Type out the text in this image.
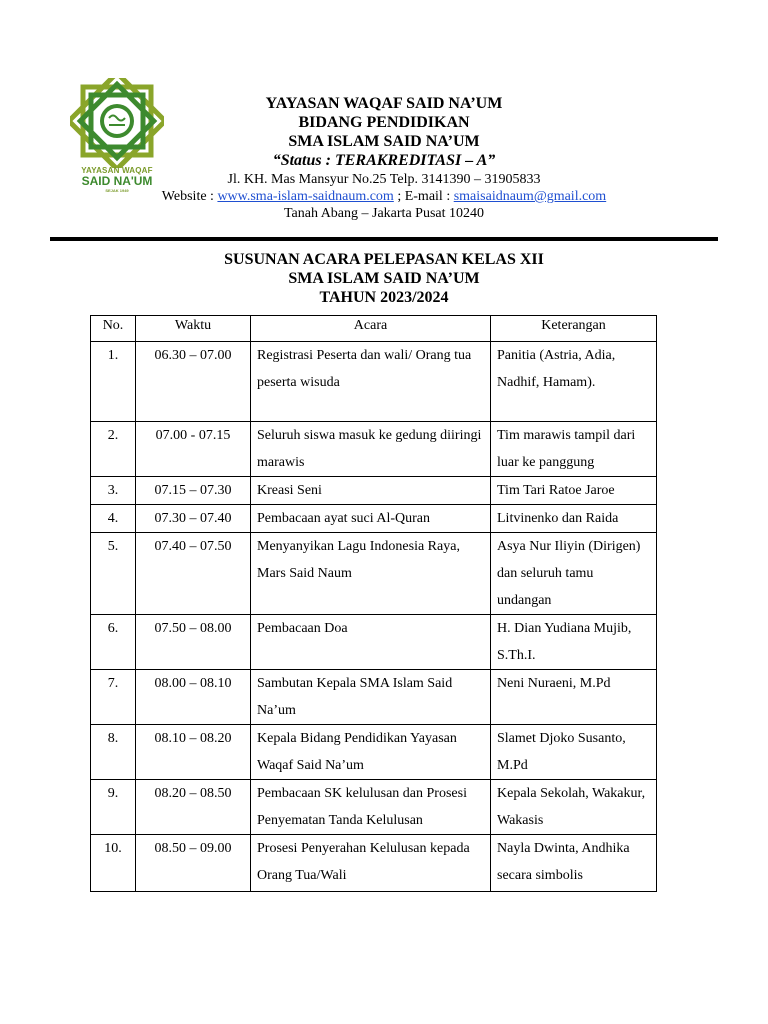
YAYASAN WAQAF
SAID NA'UM
SEJAK 1949
YAYASAN WAQAF SAID NA’UM
BIDANG PENDIDIKAN
SMA ISLAM SAID NA’UM
“Status : TERAKREDITASI – A”
Jl. KH. Mas Mansyur No.25 Telp. 3141390 – 31905833
Website : www.sma-islam-saidnaum.com ; E-mail : smaisaidnaum@gmail.com
Tanah Abang – Jakarta Pusat 10240
SUSUNAN ACARA PELEPASAN KELAS XII
SMA ISLAM SAID NA’UM
TAHUN 2023/2024
No.	Waktu	Acara	Keterangan
1.	06.30 – 07.00	Registrasi Peserta dan wali/ Orang tua peserta wisuda	Panitia (Astria, Adia, Nadhif, Hamam).
2.	07.00 - 07.15	Seluruh siswa masuk ke gedung diiringi marawis	Tim marawis tampil dari luar ke panggung
3.	07.15 – 07.30	Kreasi Seni	Tim Tari Ratoe Jaroe
4.	07.30 – 07.40	Pembacaan ayat suci Al-Quran	Litvinenko dan Raida
5.	07.40 – 07.50	Menyanyikan Lagu Indonesia Raya, Mars Said Naum	Asya Nur Iliyin (Dirigen) dan seluruh tamu undangan
6.	07.50 – 08.00	Pembacaan Doa	H. Dian Yudiana Mujib, S.Th.I.
7.	08.00 – 08.10	Sambutan Kepala SMA Islam Said Na’um	Neni Nuraeni, M.Pd
8.	08.10 – 08.20	Kepala Bidang Pendidikan Yayasan Waqaf Said Na’um	Slamet Djoko Susanto, M.Pd
9.	08.20 – 08.50	Pembacaan SK kelulusan dan Prosesi Penyematan Tanda Kelulusan	Kepala Sekolah, Wakakur, Wakasis
10.	08.50 – 09.00	Prosesi Penyerahan Kelulusan kepada Orang Tua/Wali	Nayla Dwinta, Andhika secara simbolis
